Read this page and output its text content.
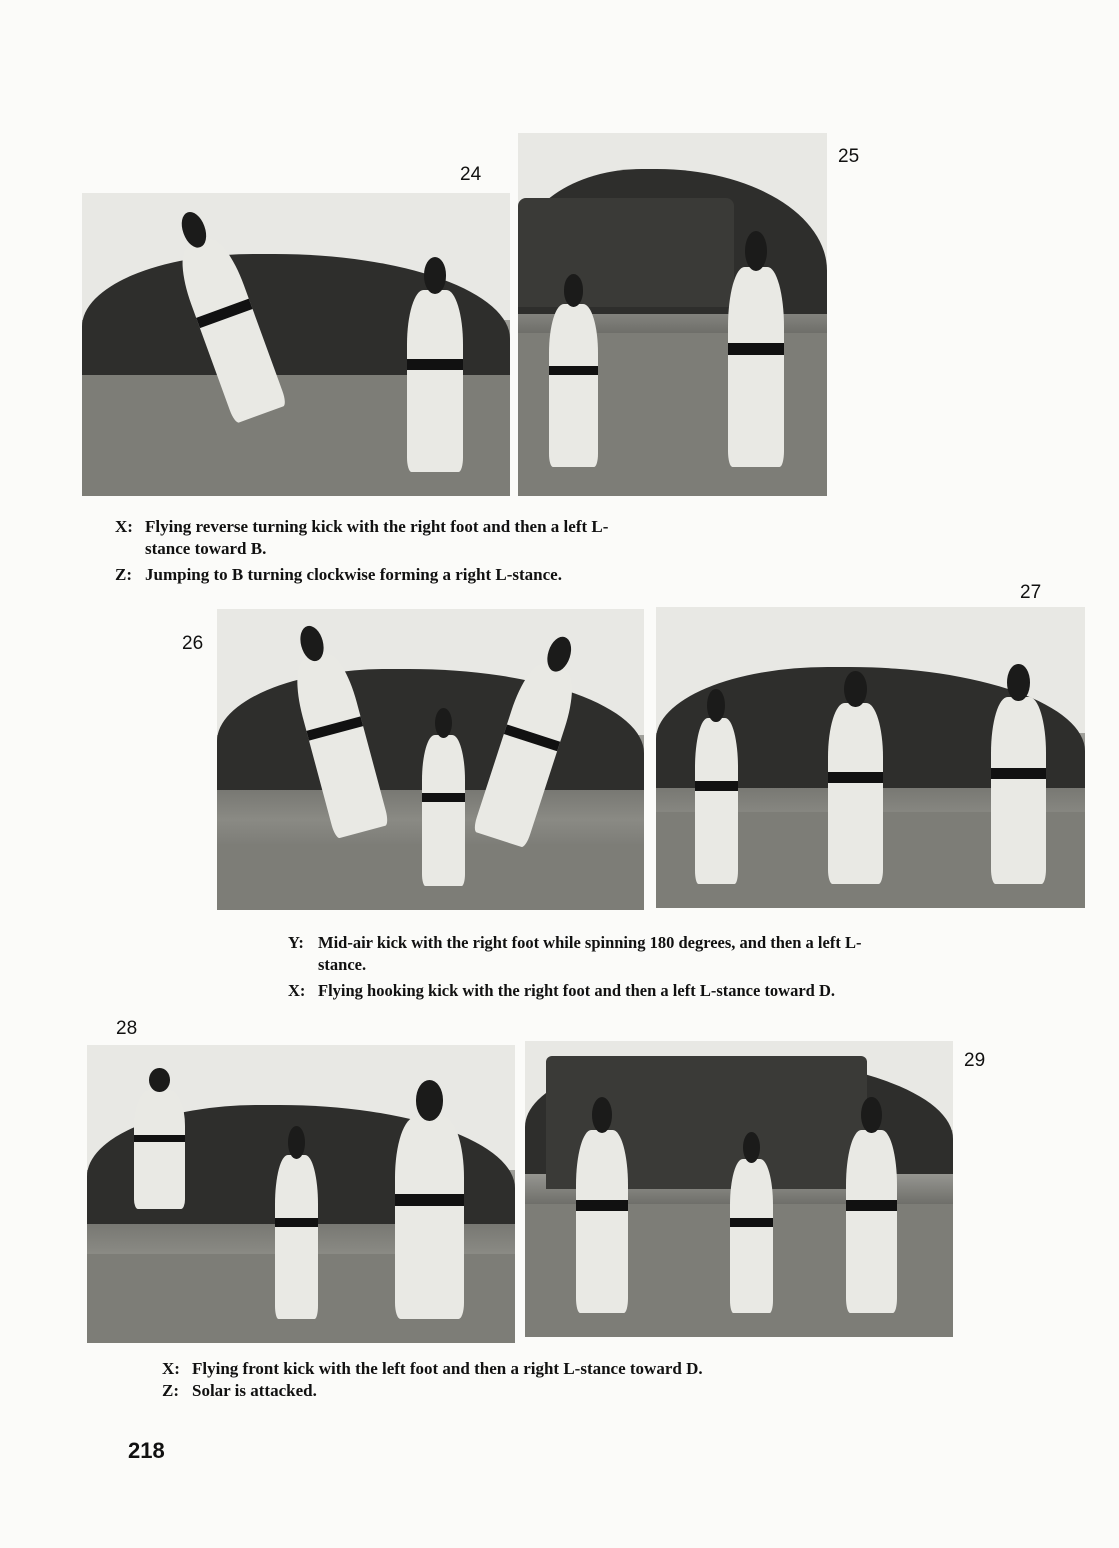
24
25
26
27
28
29
X: Flying reverse turning kick with the right foot and then a left L-
stance toward B.
Z: Jumping to B turning clockwise forming a right L-stance.
Y: Mid-air kick with the right foot while spinning 180 degrees, and then a left L-
stance.
X: Flying hooking kick with the right foot and then a left L-stance toward D.
X: Flying front kick with the left foot and then a right L-stance toward D.
Z: Solar is attacked.
218
